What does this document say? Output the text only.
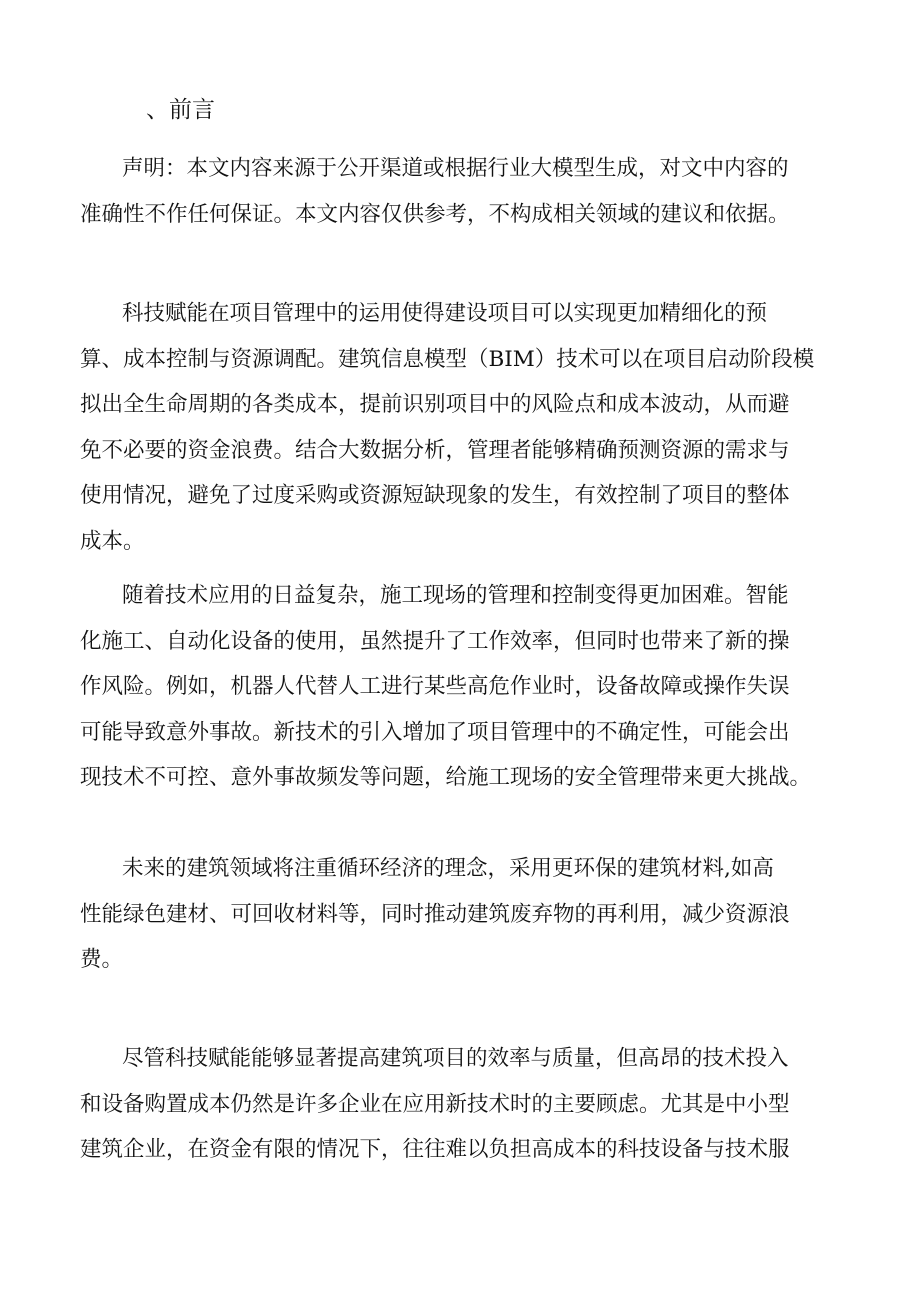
、前言
声明：本文内容来源于公开渠道或根据行业大模型生成，对文中内容的
准确性不作任何保证。本文内容仅供参考，不构成相关领域的建议和依据。
科技赋能在项目管理中的运用使得建设项目可以实现更加精细化的预
算、成本控制与资源调配。建筑信息模型（BIM）技术可以在项目启动阶段模
拟出全生命周期的各类成本，提前识别项目中的风险点和成本波动，从而避
免不必要的资金浪费。结合大数据分析，管理者能够精确预测资源的需求与
使用情况，避免了过度采购或资源短缺现象的发生，有效控制了项目的整体
成本。
随着技术应用的日益复杂，施工现场的管理和控制变得更加困难。智能
化施工、自动化设备的使用，虽然提升了工作效率，但同时也带来了新的操
作风险。例如，机器人代替人工进行某些高危作业时，设备故障或操作失误
可能导致意外事故。新技术的引入增加了项目管理中的不确定性，可能会出
现技术不可控、意外事故频发等问题，给施工现场的安全管理带来更大挑战。
未来的建筑领域将注重循环经济的理念，采用更环保的建筑材料,如高
性能绿色建材、可回收材料等，同时推动建筑废弃物的再利用，减少资源浪
费。
尽管科技赋能能够显著提高建筑项目的效率与质量，但高昂的技术投入
和设备购置成本仍然是许多企业在应用新技术时的主要顾虑。尤其是中小型
建筑企业，在资金有限的情况下，往往难以负担高成本的科技设备与技术服
